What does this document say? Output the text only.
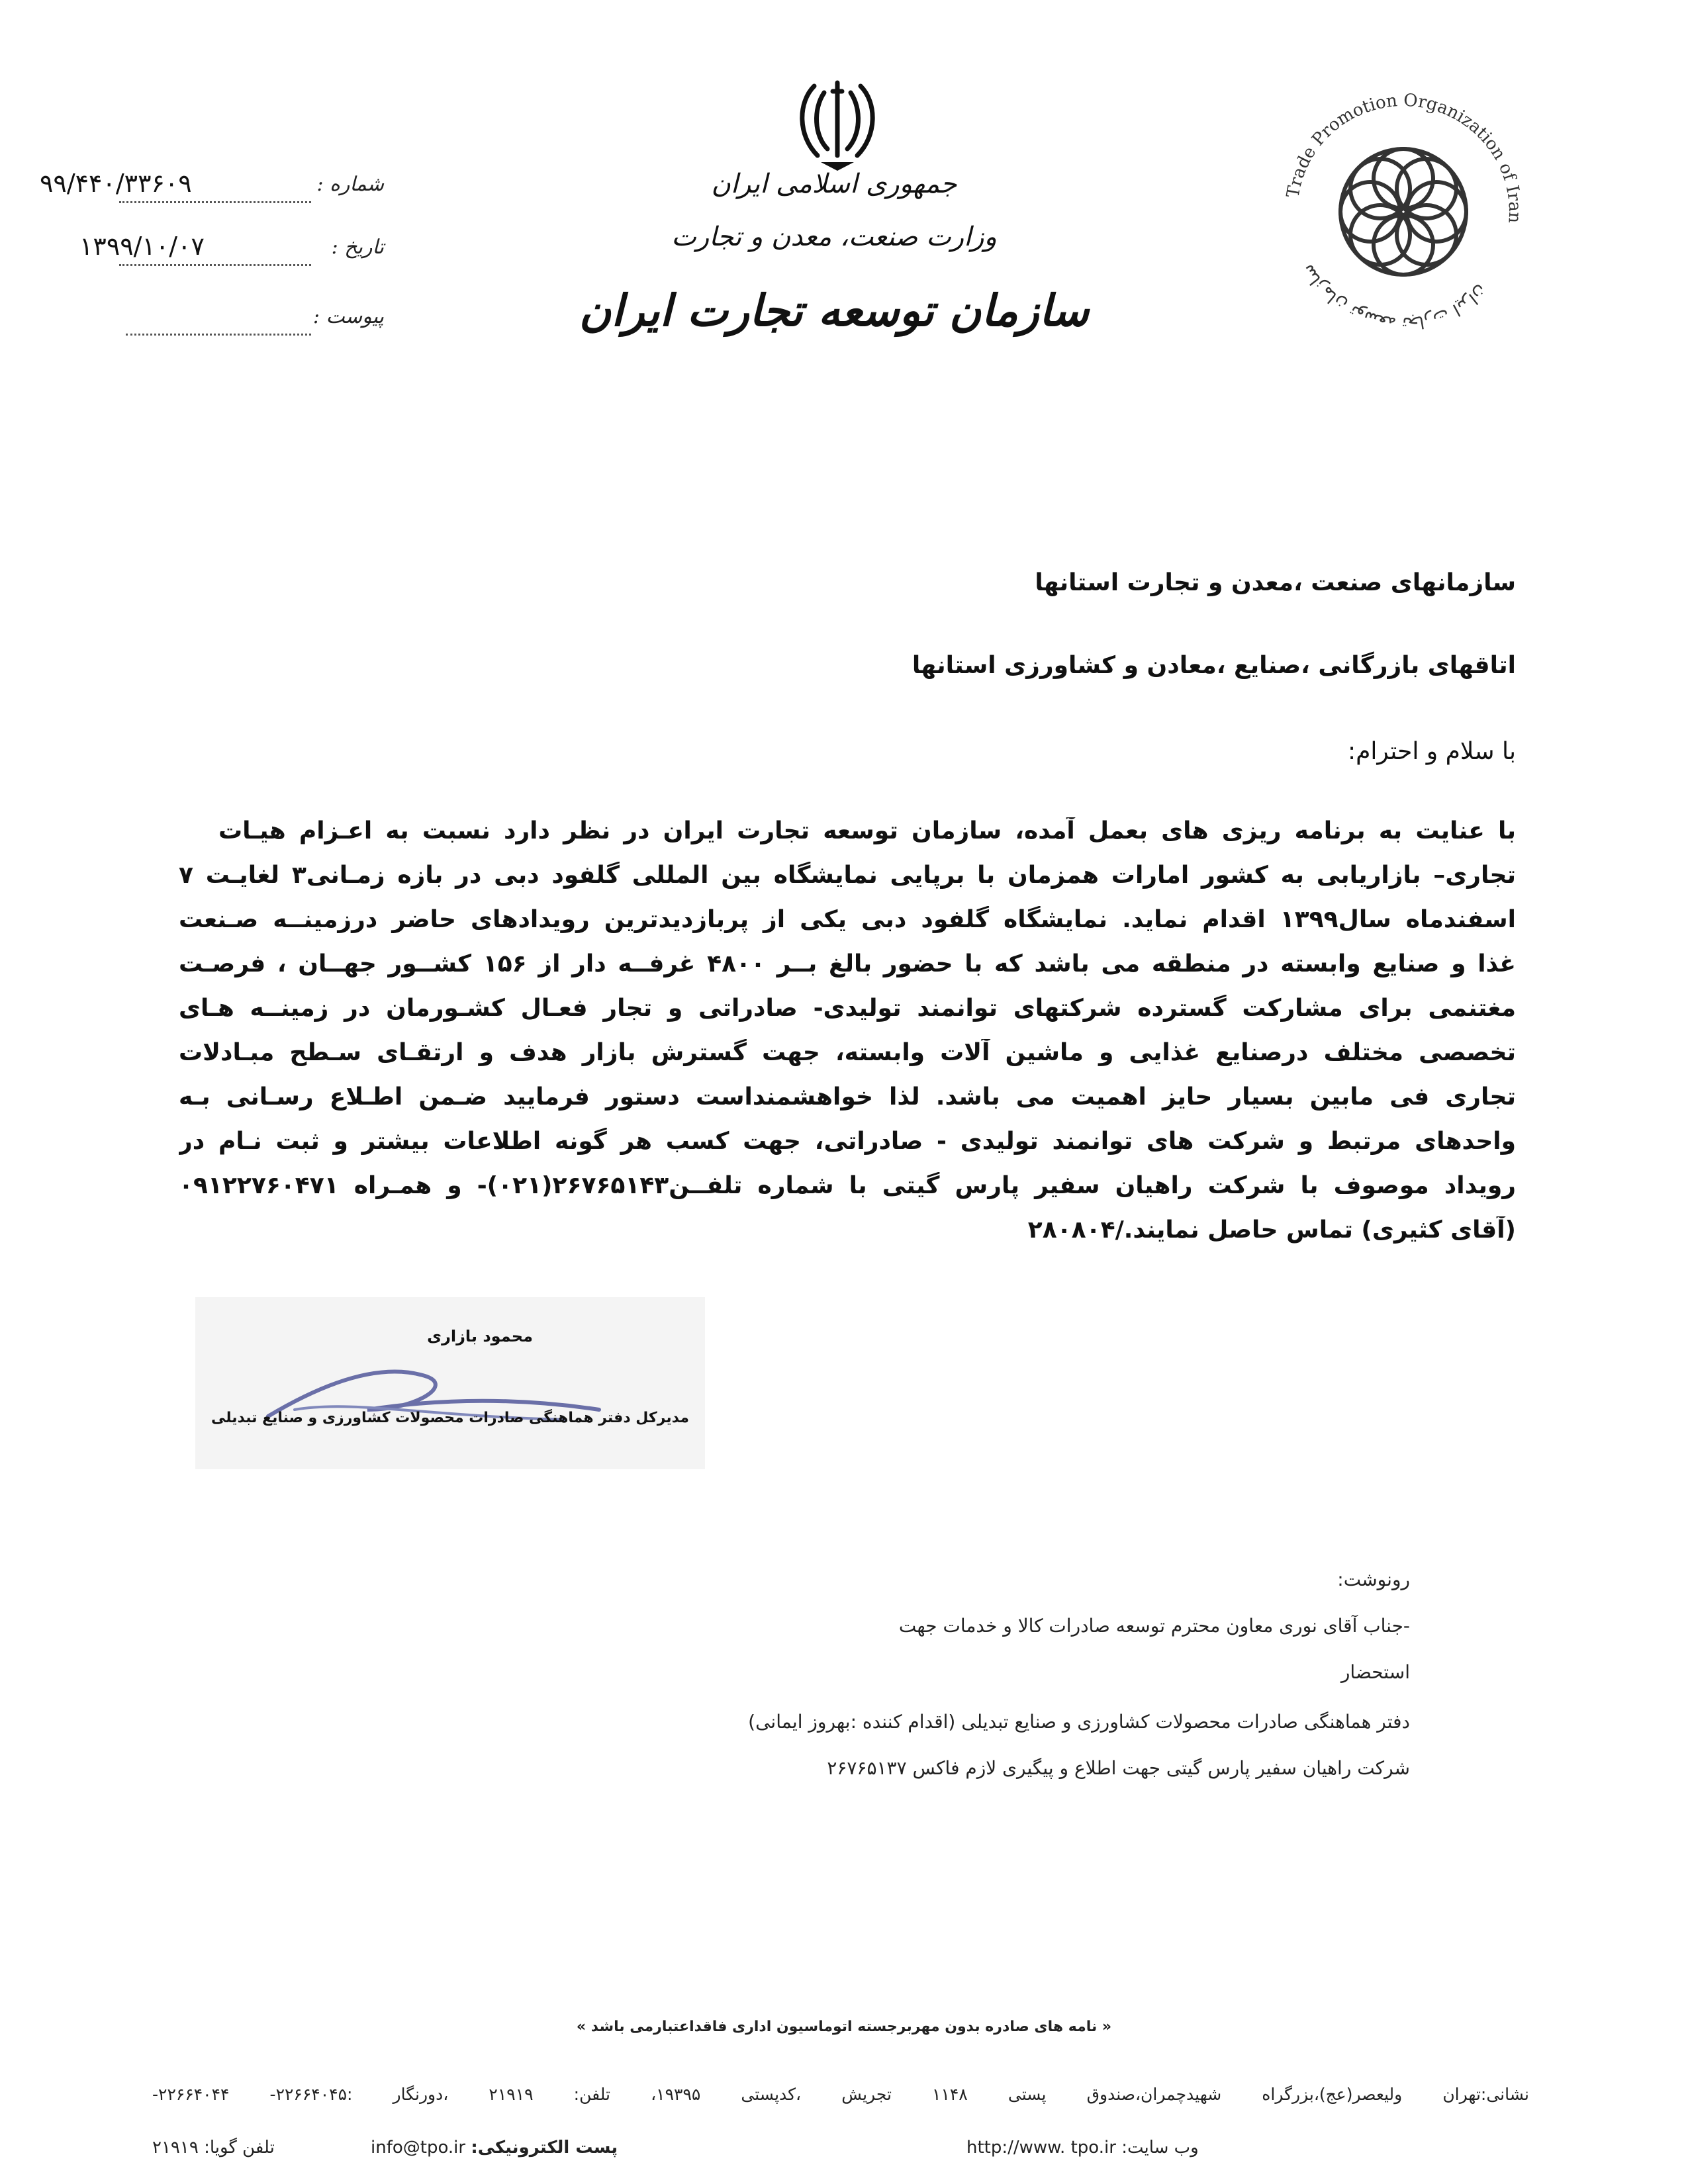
شماره :
۹۹/۴۴۰/۳۳۶۰۹
تاریخ :
۱۳۹۹/۱۰/۰۷
پیوست :
جمهوری اسلامی ایران
وزارت صنعت، معدن و تجارت
سازمان توسعه تجارت ایران
Trade Promotion Organization of Iran
سازمان توسعه تجارت ایران
سازمانهای صنعت ،معدن و تجارت استانها
اتاقهای بازرگانی ،صنایع ،معادن و کشاورزی استانها
با سلام و احترام:
با عنایت به برنامه ریزی های بعمل آمده، سازمان توسعه تجارت ایران در نظر دارد نسبت به اعـزام هیـات
تجاری– بازاریابی به کشور امارات همزمان با برپایی نمایشگاه بین المللی گلفود دبی در بازه زمـانی۳ لغایـت ۷
اسفندماه سال۱۳۹۹ اقدام نماید. نمایشگاه گلفود دبی یکی از پربازدیدترین رویدادهای حاضر درزمینــه صـنعت
غذا و صنایع وابسته در منطقه می باشد که با حضور بالغ بــر ۴۸۰۰ غرفــه دار از ۱۵۶ کشــور جهــان ، فرصـت
مغتنمی برای مشارکت گسترده شرکتهای توانمند تولیدی- صادراتی و تجار فعـال کشـورمان در زمینــه هـای
تخصصی مختلف درصنایع غذایی و ماشین آلات وابسته، جهت گسترش بازار هدف و ارتقـای سـطح مبـادلات
تجاری فی مابین بسیار حایز اهمیت می باشد. لذا خواهشمنداست دستور فرمایید ضـمن اطـلاع رسـانی بـه
واحدهای مرتبط و شرکت های توانمند تولیدی - صادراتی، جهت کسب هر گونه اطلاعات بیشتر و ثبت نـام در
رویداد موصوف با شرکت راهیان سفیر پارس گیتی با شماره تلفــن۲۶۷۶۵۱۴۳(۰۲۱)- و همـراه ۰۹۱۲۲۷۶۰۴۷۱
(آقای کثیری) تماس حاصل نمایند./۲۸۰۸۰۴
محمود بازاری
مدیرکل دفتر هماهنگی صادرات محصولات کشاورزی و صنایع تبدیلی
رونوشت:
-جناب آقای نوری معاون محترم توسعه صادرات کالا و خدمات جهت
استحضار
دفتر هماهنگی صادرات محصولات کشاورزی و صنایع تبدیلی (اقدام کننده :بهروز ایمانی)
شرکت راهیان سفیر پارس گیتی جهت اطلاع و پیگیری لازم فاکس ۲۶۷۶۵۱۳۷
« نامه های صادره بدون مهربرجسته اتوماسیون اداری فاقداعتبارمی باشد »
نشانی:تهران ولیعصر(عج)،بزرگراه شهیدچمران،صندوق پستی ۱۱۴۸ تجریش ،کدپستی ۱۹۳۹۵، تلفن: ۲۱۹۱۹ ،دورنگار :۲۲۶۶۴۰۴۵- ۲۲۶۶۴۰۴۴-
وب سایت: http://www. tpo.ir
پست الکترونیکی: info@tpo.ir
تلفن گویا: ۲۱۹۱۹
